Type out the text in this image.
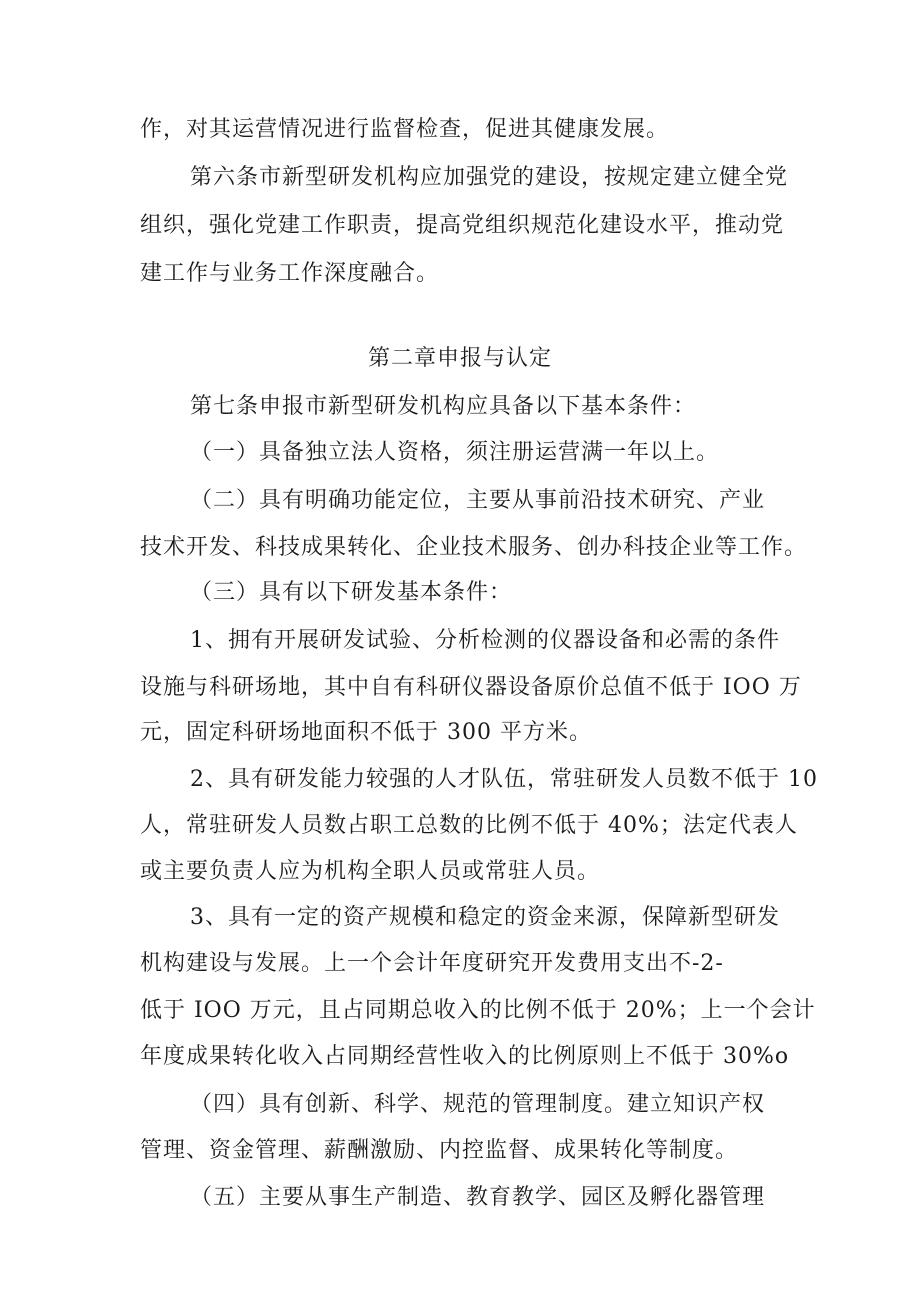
作，对其运营情况进行监督检查，促进其健康发展。
第六条市新型研发机构应加强党的建设，按规定建立健全党
组织，强化党建工作职责，提高党组织规范化建设水平，推动党
建工作与业务工作深度融合。
第二章申报与认定
第七条申报市新型研发机构应具备以下基本条件：
（一）具备独立法人资格，须注册运营满一年以上。
（二）具有明确功能定位，主要从事前沿技术研究、产业
技术开发、科技成果转化、企业技术服务、创办科技企业等工作。
（三）具有以下研发基本条件：
1、拥有开展研发试验、分析检测的仪器设备和必需的条件
设施与科研场地，其中自有科研仪器设备原价总值不低于 IOO 万
元，固定科研场地面积不低于 300 平方米。
2、具有研发能力较强的人才队伍，常驻研发人员数不低于 10
人，常驻研发人员数占职工总数的比例不低于 40%；法定代表人
或主要负责人应为机构全职人员或常驻人员。
3、具有一定的资产规模和稳定的资金来源，保障新型研发
机构建设与发展。上一个会计年度研究开发费用支出不-2-
低于 IOO 万元，且占同期总收入的比例不低于 20%；上一个会计
年度成果转化收入占同期经营性收入的比例原则上不低于 30%o
（四）具有创新、科学、规范的管理制度。建立知识产权
管理、资金管理、薪酬激励、内控监督、成果转化等制度。
（五）主要从事生产制造、教育教学、园区及孵化器管理
